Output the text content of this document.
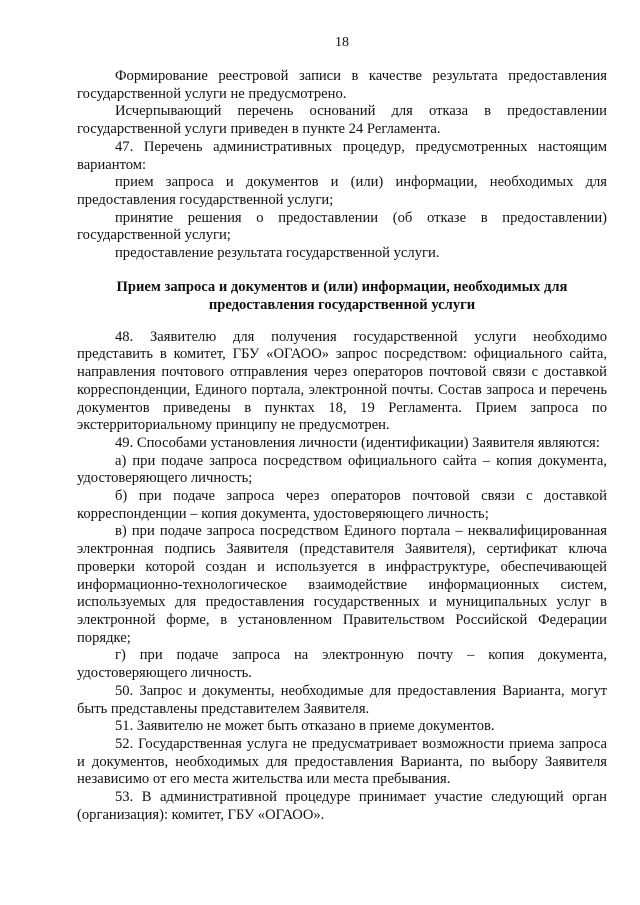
18

Формирование реестровой записи в качестве результата предоставления государственной услуги не предусмотрено.

Исчерпывающий перечень оснований для отказа в предоставлении государственной услуги приведен в пункте 24 Регламента.

47. Перечень административных процедур, предусмотренных настоящим вариантом:

прием запроса и документов и (или) информации, необходимых для предоставления государственной услуги;

принятие решения о предоставлении (об отказе в предоставлении) государственной услуги;

предоставление результата государственной услуги.

Прием запроса и документов и (или) информации, необходимых для предоставления государственной услуги

48. Заявителю для получения государственной услуги необходимо представить в комитет, ГБУ «ОГАОО» запрос посредством: официального сайта, направления почтового отправления через операторов почтовой связи с доставкой корреспонденции, Единого портала, электронной почты. Состав запроса и перечень документов приведены в пунктах 18, 19 Регламента. Прием запроса по экстерриториальному принципу не предусмотрен.

49. Способами установления личности (идентификации) Заявителя являются:

а) при подаче запроса посредством официального сайта – копия документа, удостоверяющего личность;

б) при подаче запроса через операторов почтовой связи с доставкой корреспонденции – копия документа, удостоверяющего личность;

в) при подаче запроса посредством Единого портала – неквалифицированная электронная подпись Заявителя (представителя Заявителя), сертификат ключа проверки которой создан и используется в инфраструктуре, обеспечивающей информационно-технологическое взаимодействие информационных систем, используемых для предоставления государственных и муниципальных услуг в электронной форме, в установленном Правительством Российской Федерации порядке;

г) при подаче запроса на электронную почту – копия документа, удостоверяющего личность.

50. Запрос и документы, необходимые для предоставления Варианта, могут быть представлены представителем Заявителя.

51. Заявителю не может быть отказано в приеме документов.

52. Государственная услуга не предусматривает возможности приема запроса и документов, необходимых для предоставления Варианта, по выбору Заявителя независимо от его места жительства или места пребывания.

53. В административной процедуре принимает участие следующий орган (организация): комитет, ГБУ «ОГАОО».
